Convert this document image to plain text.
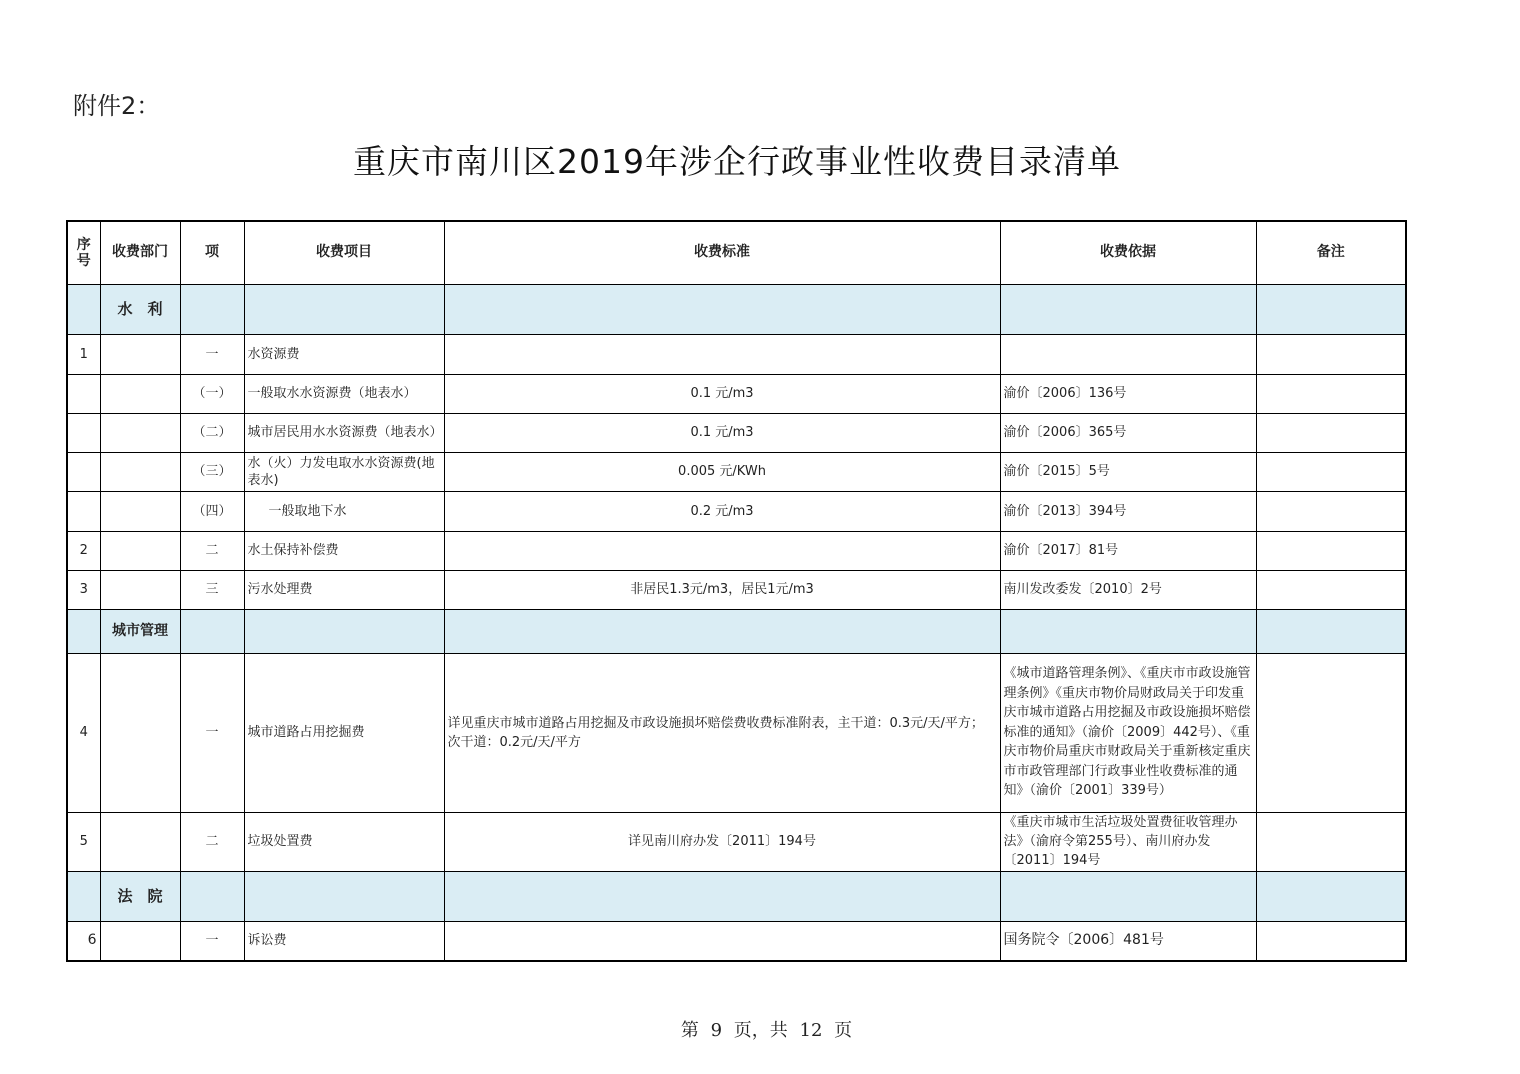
附件2：
重庆市南川区2019年涉企行政事业性收费目录清单
序
号	收费部门	项	收费项目	收费标准	收费依据	备注
	水　利					
1		一	水资源费			
		（一）	一般取水水资源费（地表水）	0.1 元/m3	渝价〔2006〕136号	
		（二）	城市居民用水水资源费（地表水）	0.1 元/m3	渝价〔2006〕365号	
		（三）	水（火）力发电取水水资源费(地表水)	0.005 元/KWh	渝价〔2015〕5号	
		（四）	一般取地下水	0.2 元/m3	渝价〔2013〕394号	
2		二	水土保持补偿费		渝价〔2017〕81号	
3		三	污水处理费	非居民1.3元/m3，居民1元/m3	南川发改委发〔2010〕2号	
	城市管理					
4		一	城市道路占用挖掘费	详见重庆市城市道路占用挖掘及市政设施损坏赔偿费收费标准附表，主干道：0.3元/天/平方；次干道：0.2元/天/平方	《城市道路管理条例》、《重庆市市政设施管理条例》《重庆市物价局财政局关于印发重庆市城市道路占用挖掘及市政设施损坏赔偿标准的通知》（渝价〔2009〕442号）、《重庆市物价局重庆市财政局关于重新核定重庆市市政管理部门行政事业性收费标准的通知》（渝价〔2001〕339号）	
5		二	垃圾处置费	详见南川府办发〔2011〕194号	《重庆市城市生活垃圾处置费征收管理办法》（渝府令第255号）、南川府办发〔2011〕194号	
	法　院					
6		一	诉讼费		国务院令〔2006〕481号	
第 9 页，共 12 页
